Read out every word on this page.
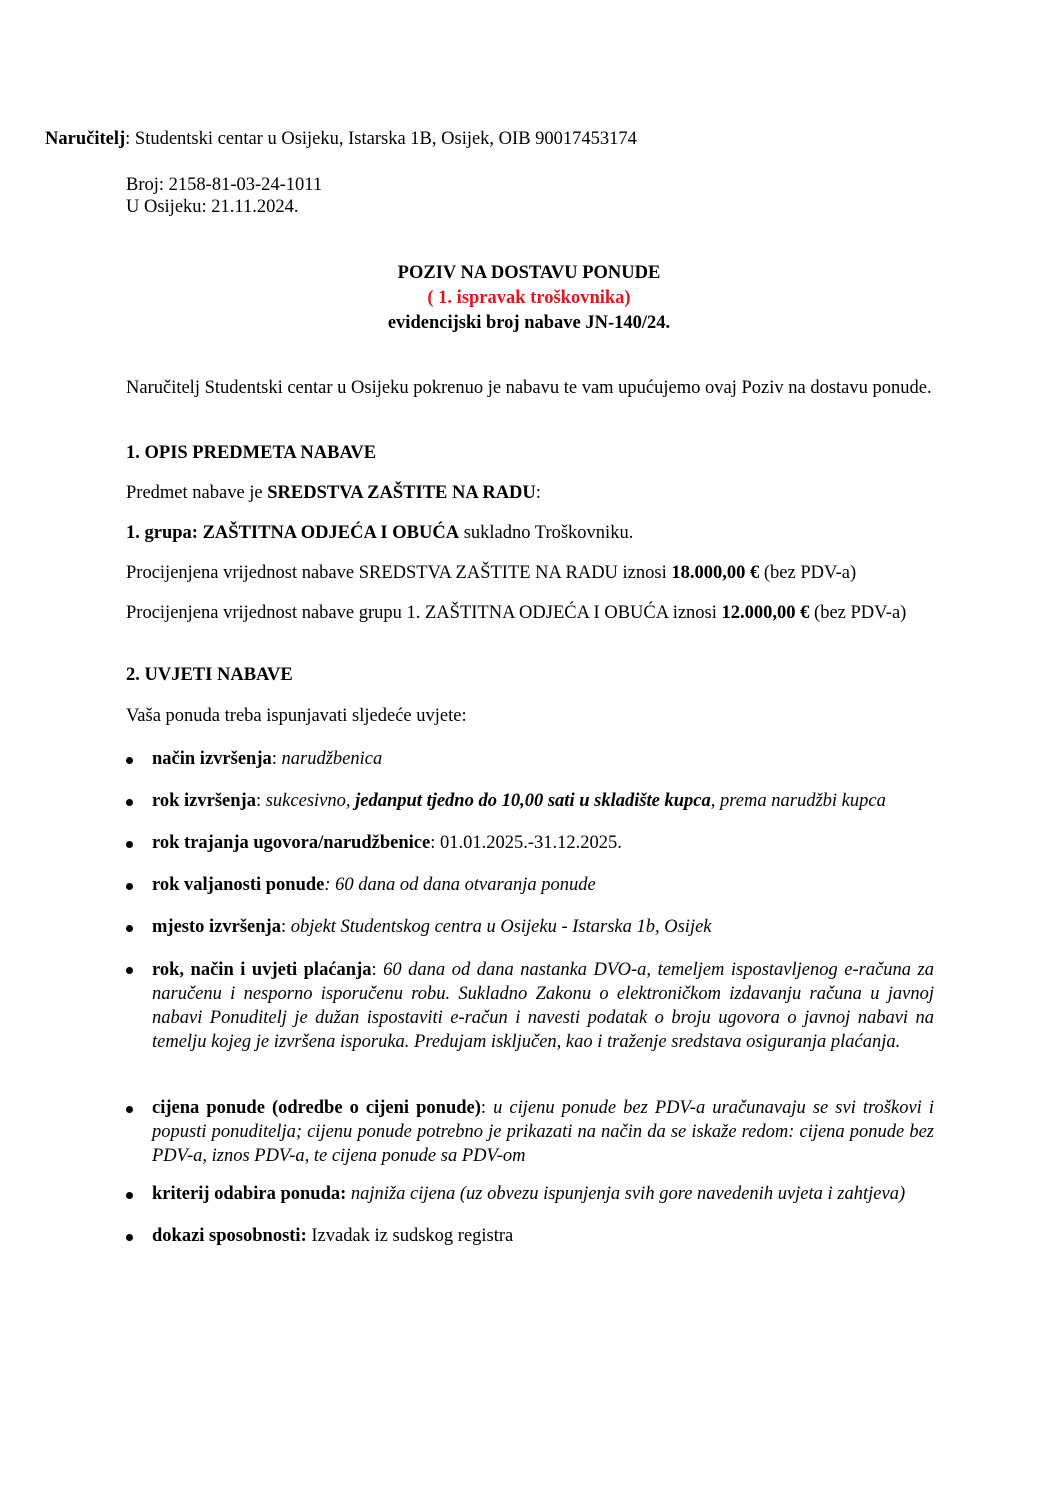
Naručitelj: Studentski centar u Osijeku, Istarska 1B, Osijek, OIB 90017453174
Broj: 2158-81-03-24-1011
U Osijeku: 21.11.2024.
POZIV NA DOSTAVU PONUDE
( 1. ispravak troškovnika)
evidencijski broj nabave JN-140/24.
Naručitelj Studentski centar u Osijeku pokrenuo je nabavu te vam upućujemo ovaj Poziv na dostavu ponude.
1. OPIS PREDMETA NABAVE
Predmet nabave je SREDSTVA ZAŠTITE NA RADU:
1. grupa: ZAŠTITNA ODJEĆA I OBUĆA sukladno Troškovniku.
Procijenjena vrijednost nabave SREDSTVA ZAŠTITE NA RADU iznosi 18.000,00 € (bez PDV-a)
Procijenjena vrijednost nabave grupu 1. ZAŠTITNA ODJEĆA I OBUĆA iznosi 12.000,00 € (bez PDV-a)
2. UVJETI NABAVE
Vaša ponuda treba ispunjavati sljedeće uvjete:
način izvršenja: narudžbenica
rok izvršenja: sukcesivno, jedanput tjedno do 10,00 sati u skladište kupca, prema narudžbi kupca
rok trajanja ugovora/narudžbenice: 01.01.2025.-31.12.2025.
rok valjanosti ponude: 60 dana od dana otvaranja ponude
mjesto izvršenja: objekt Studentskog centra u Osijeku - Istarska 1b, Osijek
rok, način i uvjeti plaćanja: 60 dana od dana nastanka DVO-a, temeljem ispostavljenog e-računa za naručenu i nesporno isporučenu robu. Sukladno Zakonu o elektroničkom izdavanju računa u javnoj nabavi Ponuditelj je dužan ispostaviti e-račun i navesti podatak o broju ugovora o javnoj nabavi na temelju kojeg je izvršena isporuka. Predujam isključen, kao i traženje sredstava osiguranja plaćanja.
cijena ponude (odredbe o cijeni ponude): u cijenu ponude bez PDV-a uračunavaju se svi troškovi i popusti ponuditelja; cijenu ponude potrebno je prikazati na način da se iskaže redom: cijena ponude bez PDV-a, iznos PDV-a, te cijena ponude sa PDV-om
kriterij odabira ponuda: najniža cijena (uz obvezu ispunjenja svih gore navedenih uvjeta i zahtjeva)
dokazi sposobnosti: Izvadak iz sudskog registra
